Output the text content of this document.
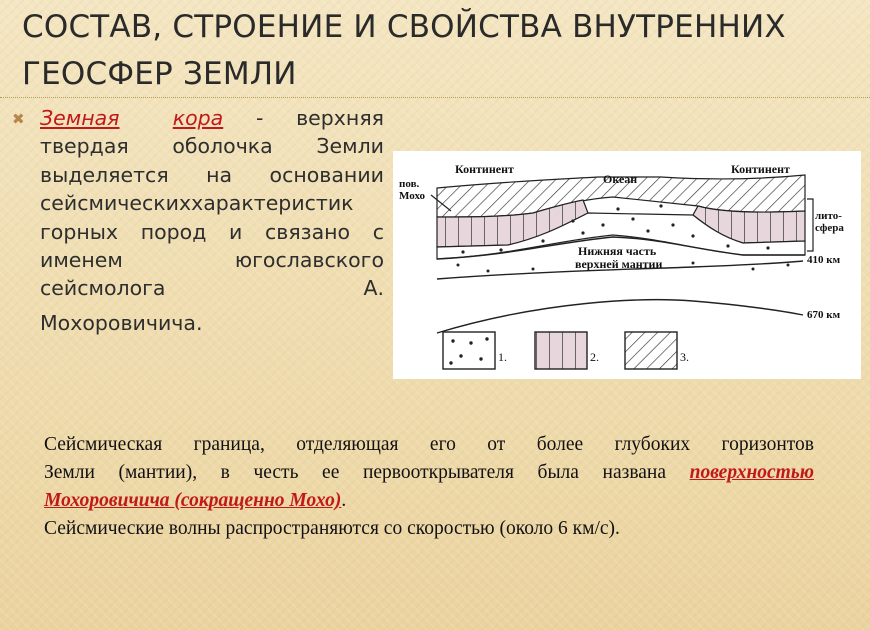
СОСТАВ, СТРОЕНИЕ И СВОЙСТВА ВНУТРЕННИХ
ГЕОСФЕР ЗЕМЛИ
✖ Земная 	кора - верхняя твердая оболочка Земли выделяется на основании сейсмическиххарактеристик горных пород и связано с именем югославского сейсмолога А.
Мохоровичича.
Континент
Океан
Континент
пов.
Мохо
лито-
сфера
Нижняя часть
верхней мантии	410 км
670 км
1.	2.	3.
Сейсмическая граница, отделяющая его от более глубоких горизонтов
Земли (мантии), в честь ее первооткрывателя была названа поверхностью
Мохоровичича (сокращенно Мохо).
Сейсмические волны распространяются со скоростью (около 6 км/с).
